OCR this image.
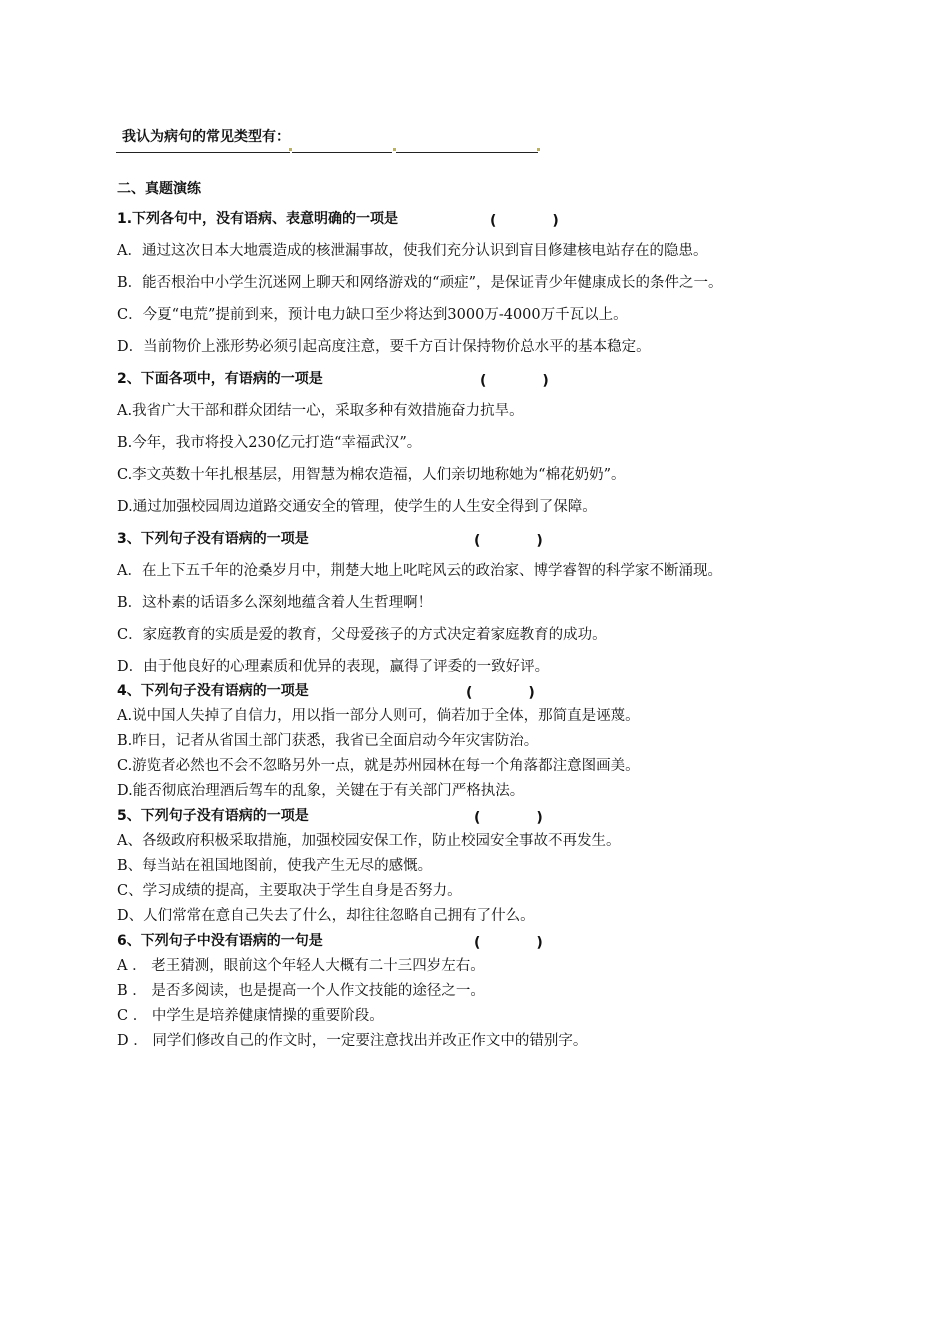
我认为病句的常见类型有：
二、真题演练
1.下列各句中，没有语病、表意明确的一项是	(　　　　)
A．通过这次日本大地震造成的核泄漏事故，使我们充分认识到盲目修建核电站存在的隐患。
B．能否根治中小学生沉迷网上聊天和网络游戏的“顽症”，是保证青少年健康成长的条件之一。
C．今夏“电荒”提前到来，预计电力缺口至少将达到3000万-4000万千瓦以上。
D．当前物价上涨形势必须引起高度注意，要千方百计保持物价总水平的基本稳定。
2、下面各项中，有语病的一项是	(　　　　)
A.我省广大干部和群众团结一心，采取多种有效措施奋力抗旱。
B.今年，我市将投入230亿元打造“幸福武汉”。
C.李文英数十年扎根基层，用智慧为棉农造福，人们亲切地称她为“棉花奶奶”。
D.通过加强校园周边道路交通安全的管理，使学生的人生安全得到了保障。
3、下列句子没有语病的一项是	(　　　　)
A．在上下五千年的沧桑岁月中，荆楚大地上叱咤风云的政治家、博学睿智的科学家不断涌现。
B．这朴素的话语多么深刻地蕴含着人生哲理啊！
C．家庭教育的实质是爱的教育，父母爱孩子的方式决定着家庭教育的成功。
D．由于他良好的心理素质和优异的表现，赢得了评委的一致好评。
4、下列句子没有语病的一项是	(　　　　)
A.说中国人失掉了自信力，用以指一部分人则可，倘若加于全体，那简直是诬蔑。
B.昨日，记者从省国土部门获悉，我省已全面启动今年灾害防治。
C.游览者必然也不会不忽略另外一点，就是苏州园林在每一个角落都注意图画美。
D.能否彻底治理酒后驾车的乱象，关键在于有关部门严格执法。
5、下列句子没有语病的一项是	(　　　　)
A、各级政府积极采取措施，加强校园安保工作，防止校园安全事故不再发生。
B、每当站在祖国地图前，使我产生无尽的感慨。
C、学习成绩的提高，主要取决于学生自身是否努力。
D、人们常常在意自己失去了什么，却往往忽略自己拥有了什么。
6、下列句子中没有语病的一句是	(　　　　)
A ． 老王猜测，眼前这个年轻人大概有二十三四岁左右。
B ． 是否多阅读，也是提高一个人作文技能的途径之一。
C ． 中学生是培养健康情操的重要阶段。
D ． 同学们修改自己的作文时，一定要注意找出并改正作文中的错别字。
